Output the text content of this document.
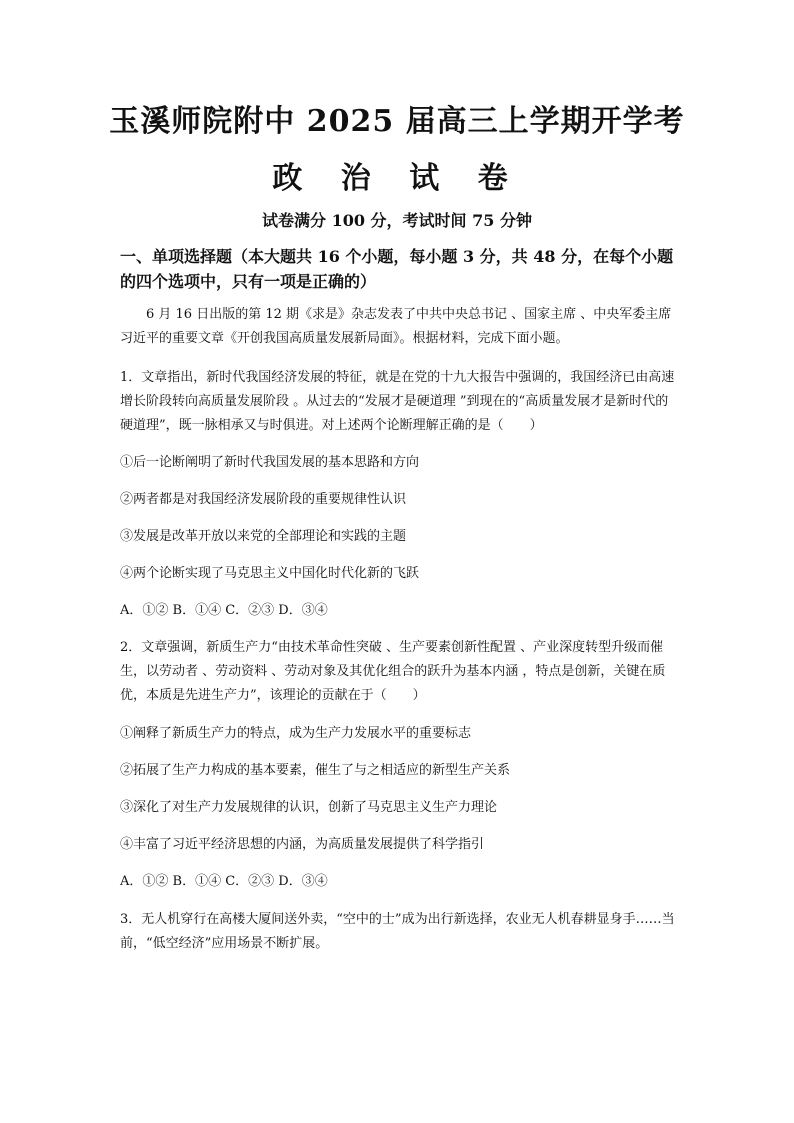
玉溪师院附中 2025 届高三上学期开学考
政 治 试 卷
试卷满分 100 分，考试时间 75 分钟
一、单项选择题（本大题共 16 个小题，每小题 3 分，共 48 分，在每个小题的四个选项中，只有一项是正确的）
6 月 16 日出版的第 12 期《求是》杂志发表了中共中央总书记 、国家主席 、中央军委主席习近平的重要文章《开创我国高质量发展新局面》。根据材料，完成下面小题。
1．文章指出，新时代我国经济发展的特征，就是在党的十九大报告中强调的，我国经济已由高速增长阶段转向高质量发展阶段 。从过去的“发展才是硬道理 ”到现在的“高质量发展才是新时代的硬道理”，既一脉相承又与时俱进。对上述两个论断理解正确的是（　　）
①后一论断阐明了新时代我国发展的基本思路和方向
②两者都是对我国经济发展阶段的重要规律性认识
③发展是改革开放以来党的全部理论和实践的主题
④两个论断实现了马克思主义中国化时代化新的飞跃
A．①② B．①④ C．②③ D．③④
2．文章强调，新质生产力“由技术革命性突破 、生产要素创新性配置 、产业深度转型升级而催生，以劳动者 、劳动资料 、劳动对象及其优化组合的跃升为基本内涵 ，特点是创新，关键在质优，本质是先进生产力”，该理论的贡献在于（　　）
①阐释了新质生产力的特点，成为生产力发展水平的重要标志
②拓展了生产力构成的基本要素，催生了与之相适应的新型生产关系
③深化了对生产力发展规律的认识，创新了马克思主义生产力理论
④丰富了习近平经济思想的内涵，为高质量发展提供了科学指引
A．①② B．①④ C．②③ D．③④
3．无人机穿行在高楼大厦间送外卖，“空中的士”成为出行新选择，农业无人机春耕显身手……当前，“低空经济”应用场景不断扩展。
